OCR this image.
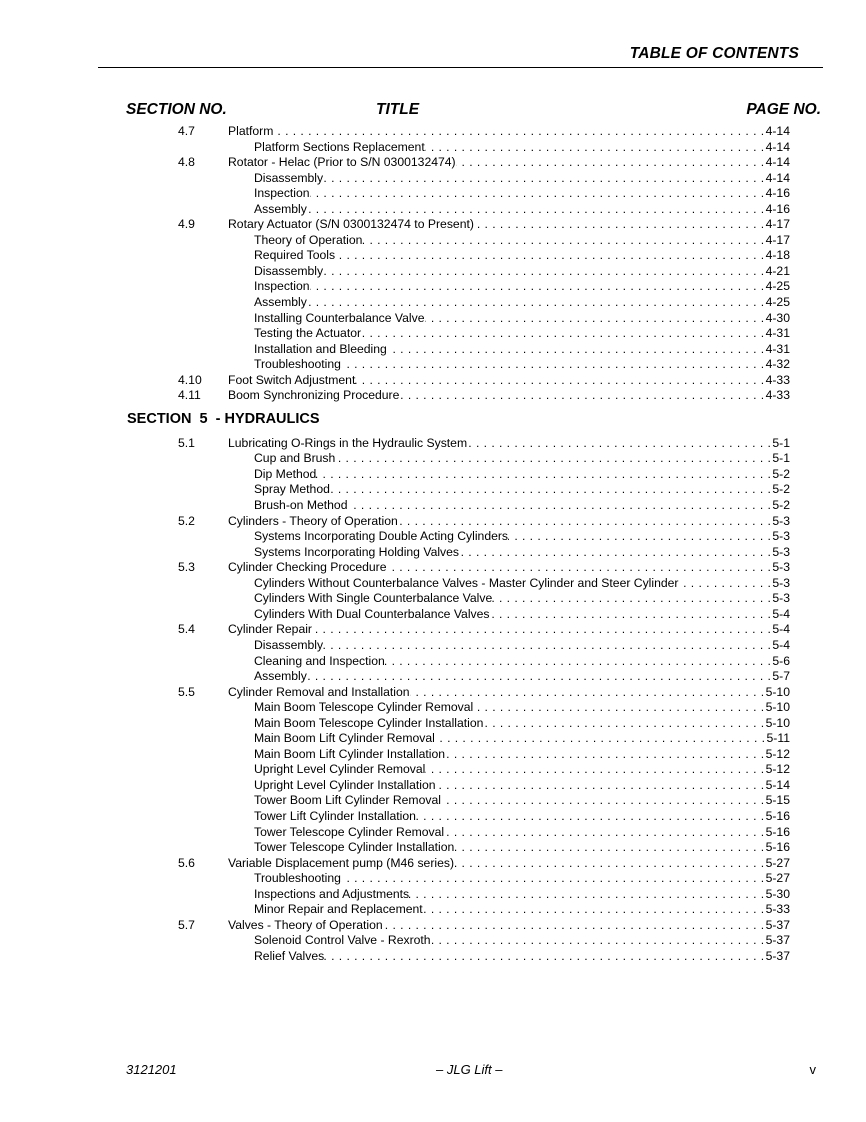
TABLE OF CONTENTS
SECTION NO.	TITLE	PAGE NO.
4.7	Platform . . .	4-14
Platform Sections Replacement . . .	4-14
4.8	Rotator - Helac (Prior to S/N 0300132474) . . .	4-14
Disassembly . . .	4-14
Inspection . . .	4-16
Assembly . . .	4-16
4.9	Rotary Actuator (S/N 0300132474 to Present) . . .	4-17
Theory of Operation . . .	4-17
Required Tools . . .	4-18
Disassembly . . .	4-21
Inspection . . .	4-25
Assembly . . .	4-25
Installing Counterbalance Valve . . .	4-30
Testing the Actuator . . .	4-31
Installation and Bleeding . . .	4-31
Troubleshooting . . .	4-32
4.10 Foot Switch Adjustment . . .	4-33
4.11 Boom Synchronizing Procedure . . .	4-33
SECTION  5  - HYDRAULICS
5.1	Lubricating O-Rings in the Hydraulic System . . .	5-1
Cup and Brush . . .	5-1
Dip Method . . .	5-2
Spray Method . . .	5-2
Brush-on Method . . .	5-2
5.2	Cylinders - Theory of Operation . . .	5-3
Systems Incorporating Double Acting Cylinders . . .	5-3
Systems Incorporating Holding Valves . . .	5-3
5.3	Cylinder Checking Procedure . . .	5-3
Cylinders Without Counterbalance Valves - Master Cylinder and Steer Cylinder . . .	5-3
Cylinders With Single Counterbalance Valve . . .	5-3
Cylinders With Dual Counterbalance Valves . . .	5-4
5.4	Cylinder Repair . . .	5-4
Disassembly . . .	5-4
Cleaning and Inspection . . .	5-6
Assembly . . .	5-7
5.5	Cylinder Removal and Installation . . .	5-10
Main Boom Telescope Cylinder Removal . . .	5-10
Main Boom Telescope Cylinder Installation . . .	5-10
Main Boom Lift Cylinder Removal . . .	5-11
Main Boom Lift Cylinder Installation . . .	5-12
Upright Level Cylinder Removal . . .	5-12
Upright Level Cylinder Installation . . .	5-14
Tower Boom Lift Cylinder Removal . . .	5-15
Tower Lift Cylinder Installation . . .	5-16
Tower Telescope Cylinder Removal . . .	5-16
Tower Telescope Cylinder Installation . . .	5-16
5.6	Variable Displacement pump (M46 series) . . .	5-27
Troubleshooting . . .	5-27
Inspections and Adjustments . . .	5-30
Minor Repair and Replacement . . .	5-33
5.7	Valves - Theory of Operation . . .	5-37
Solenoid Control Valve - Rexroth . . .	5-37
Relief Valves . . .	5-37
3121201	– JLG Lift –	v
